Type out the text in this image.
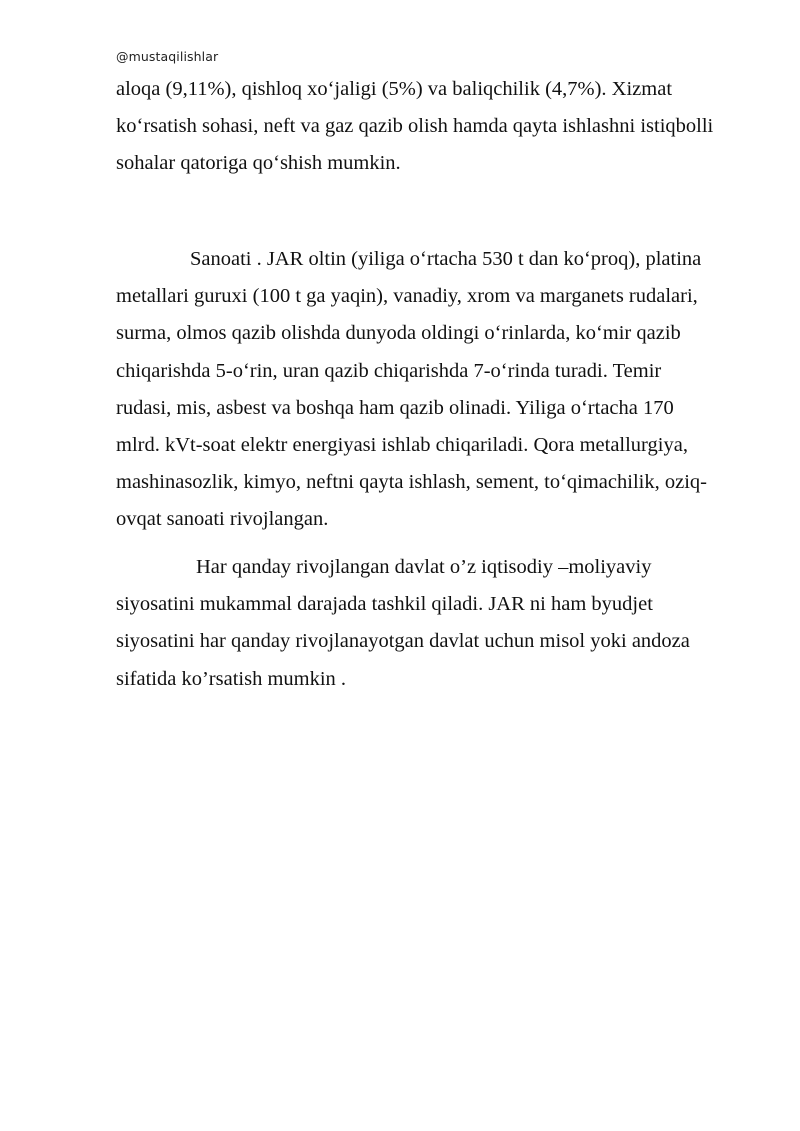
@mustaqilishlar
aloqa (9,11%), qishloq xo‘jaligi (5%) va baliqchilik (4,7%). Xizmat
ko‘rsatish sohasi, neft va gaz qazib olish hamda qayta ishlashni istiqbolli
sohalar qatoriga qo‘shish mumkin.
Sanoati . JAR oltin (yiliga o‘rtacha 530 t dan ko‘proq), platina
metallari guruxi (100 t ga yaqin), vanadiy, xrom va marganets rudalari,
surma, olmos qazib olishda dunyoda oldingi o‘rinlarda, ko‘mir qazib
chiqarishda 5-o‘rin, uran qazib chiqarishda 7-o‘rinda turadi. Temir
rudasi, mis, asbest va boshqa ham qazib olinadi. Yiliga o‘rtacha 170
mlrd. kVt-soat elektr energiyasi ishlab chiqariladi. Qora metallurgiya,
mashinasozlik, kimyo, neftni qayta ishlash, sement, to‘qimachilik, oziq-
ovqat sanoati rivojlangan.
Har qanday rivojlangan davlat o’z iqtisodiy –moliyaviy
siyosatini mukammal darajada tashkil qiladi. JAR ni ham byudjet
siyosatini har qanday rivojlanayotgan davlat uchun misol yoki andoza
sifatida ko’rsatish mumkin .
